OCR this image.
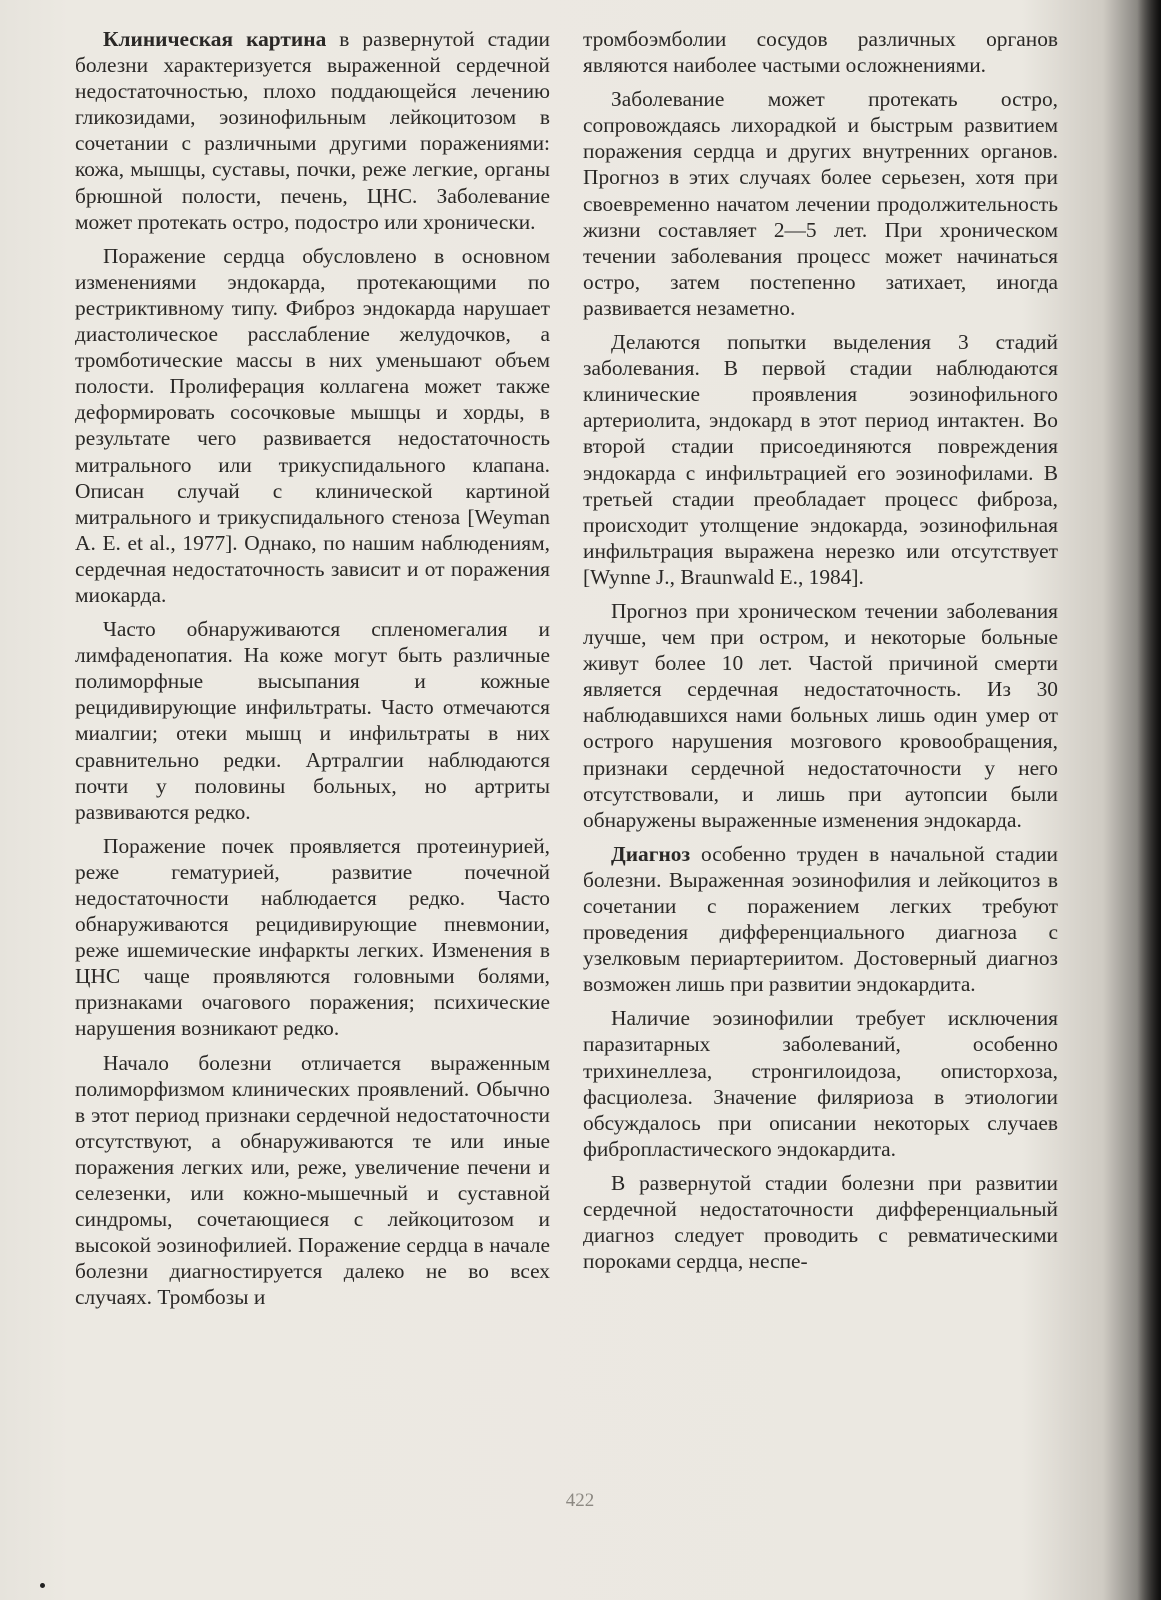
Клиническая картина в развернутой стадии болезни характеризуется выраженной сердечной недостаточностью, плохо поддающейся лечению гликозидами, эозинофильным лейкоцитозом в сочетании с различными другими поражениями: кожа, мышцы, суставы, почки, реже легкие, органы брюшной полости, печень, ЦНС. Заболевание может протекать остро, подостро или хронически.

Поражение сердца обусловлено в основном изменениями эндокарда, протекающими по рестриктивному типу. Фиброз эндокарда нарушает диастолическое расслабление желудочков, а тромботические массы в них уменьшают объем полости. Пролиферация коллагена может также деформировать сосочковые мышцы и хорды, в результате чего развивается недостаточность митрального или трикуспидального клапана. Описан случай с клинической картиной митрального и трикуспидального стеноза [Weyman A. E. et al., 1977]. Однако, по нашим наблюдениям, сердечная недостаточность зависит и от поражения миокарда.

Часто обнаруживаются спленомегалия и лимфаденопатия. На коже могут быть различные полиморфные высыпания и кожные рецидивирующие инфильтраты. Часто отмечаются миалгии; отеки мышц и инфильтраты в них сравнительно редки. Артралгии наблюдаются почти у половины больных, но артриты развиваются редко.

Поражение почек проявляется протеинурией, реже гематурией, развитие почечной недостаточности наблюдается редко. Часто обнаруживаются рецидивирующие пневмонии, реже ишемические инфаркты легких. Изменения в ЦНС чаще проявляются головными болями, признаками очагового поражения; психические нарушения возникают редко.

Начало болезни отличается выраженным полиморфизмом клинических проявлений. Обычно в этот период признаки сердечной недостаточности отсутствуют, а обнаруживаются те или иные поражения легких или, реже, увеличение печени и селезенки, или кожно-мышечный и суставной синдромы, сочетающиеся с лейкоцитозом и высокой эозинофилией. Поражение сердца в начале болезни диагностируется далеко не во всех случаях. Тромбозы и

тромбоэмболии сосудов различных органов являются наиболее частыми осложнениями.

Заболевание может протекать остро, сопровождаясь лихорадкой и быстрым развитием поражения сердца и других внутренних органов. Прогноз в этих случаях более серьезен, хотя при своевременно начатом лечении продолжительность жизни составляет 2—5 лет. При хроническом течении заболевания процесс может начинаться остро, затем постепенно затихает, иногда развивается незаметно.

Делаются попытки выделения 3 стадий заболевания. В первой стадии наблюдаются клинические проявления эозинофильного артериолита, эндокард в этот период интактен. Во второй стадии присоединяются повреждения эндокарда с инфильтрацией его эозинофилами. В третьей стадии преобладает процесс фиброза, происходит утолщение эндокарда, эозинофильная инфильтрация выражена нерезко или отсутствует [Wynne J., Braunwald E., 1984].

Прогноз при хроническом течении заболевания лучше, чем при остром, и некоторые больные живут более 10 лет. Частой причиной смерти является сердечная недостаточность. Из 30 наблюдавшихся нами больных лишь один умер от острого нарушения мозгового кровообращения, признаки сердечной недостаточности у него отсутствовали, и лишь при аутопсии были обнаружены выраженные изменения эндокарда.

Диагноз особенно труден в начальной стадии болезни. Выраженная эозинофилия и лейкоцитоз в сочетании с поражением легких требуют проведения дифференциального диагноза с узелковым периартериитом. Достоверный диагноз возможен лишь при развитии эндокардита.

Наличие эозинофилии требует исключения паразитарных заболеваний, особенно трихинеллеза, стронгилоидоза, описторхоза, фасциолеза. Значение филяриоза в этиологии обсуждалось при описании некоторых случаев фибропластического эндокардита.

В развернутой стадии болезни при развитии сердечной недостаточности дифференциальный диагноз следует проводить с ревматическими пороками сердца, неспе-

422
